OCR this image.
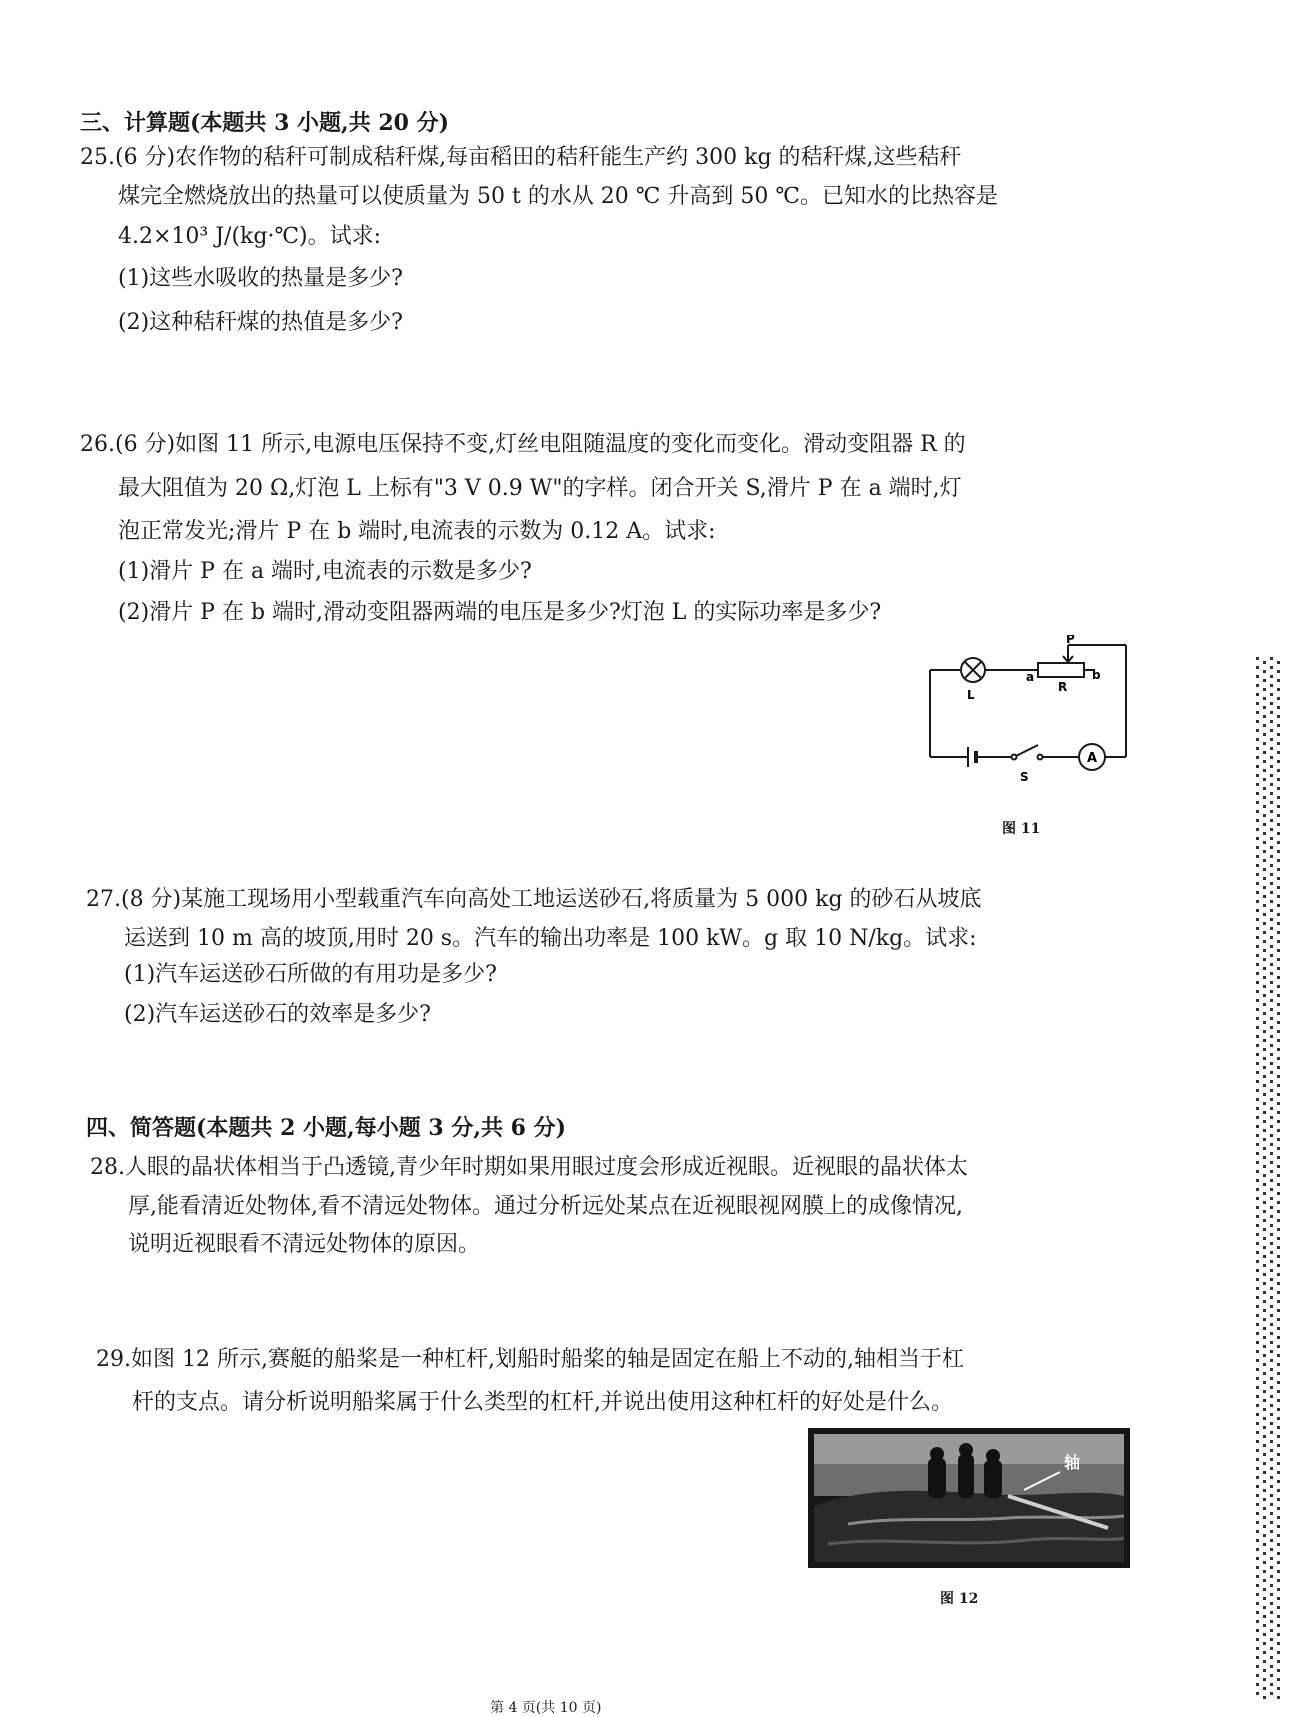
三、计算题(本题共 3 小题,共 20 分)
25.(6 分)农作物的秸秆可制成秸秆煤,每亩稻田的秸秆能生产约 300 kg 的秸秆煤,这些秸秆
煤完全燃烧放出的热量可以使质量为 50 t 的水从 20 ℃ 升高到 50 ℃。已知水的比热容是
4.2×10³ J/(kg·℃)。试求:
(1)这些水吸收的热量是多少?
(2)这种秸秆煤的热值是多少?
26.(6 分)如图 11 所示,电源电压保持不变,灯丝电阻随温度的变化而变化。滑动变阻器 R 的
最大阻值为 20 Ω,灯泡 L 上标有"3 V 0.9 W"的字样。闭合开关 S,滑片 P 在 a 端时,灯
泡正常发光;滑片 P 在 b 端时,电流表的示数为 0.12 A。试求:
(1)滑片 P 在 a 端时,电流表的示数是多少?
(2)滑片 P 在 b 端时,滑动变阻器两端的电压是多少?灯泡 L 的实际功率是多少?
P
a	b
R
L
S
A
图 11
27.(8 分)某施工现场用小型载重汽车向高处工地运送砂石,将质量为 5 000 kg 的砂石从坡底
运送到 10 m 高的坡顶,用时 20 s。汽车的输出功率是 100 kW。g 取 10 N/kg。试求:
(1)汽车运送砂石所做的有用功是多少?
(2)汽车运送砂石的效率是多少?
四、简答题(本题共 2 小题,每小题 3 分,共 6 分)
28.人眼的晶状体相当于凸透镜,青少年时期如果用眼过度会形成近视眼。近视眼的晶状体太
厚,能看清近处物体,看不清远处物体。通过分析远处某点在近视眼视网膜上的成像情况,
说明近视眼看不清远处物体的原因。
29.如图 12 所示,赛艇的船桨是一种杠杆,划船时船桨的轴是固定在船上不动的,轴相当于杠
杆的支点。请分析说明船桨属于什么类型的杠杆,并说出使用这种杠杆的好处是什么。
轴
图 12
第 4 页(共 10 页)
